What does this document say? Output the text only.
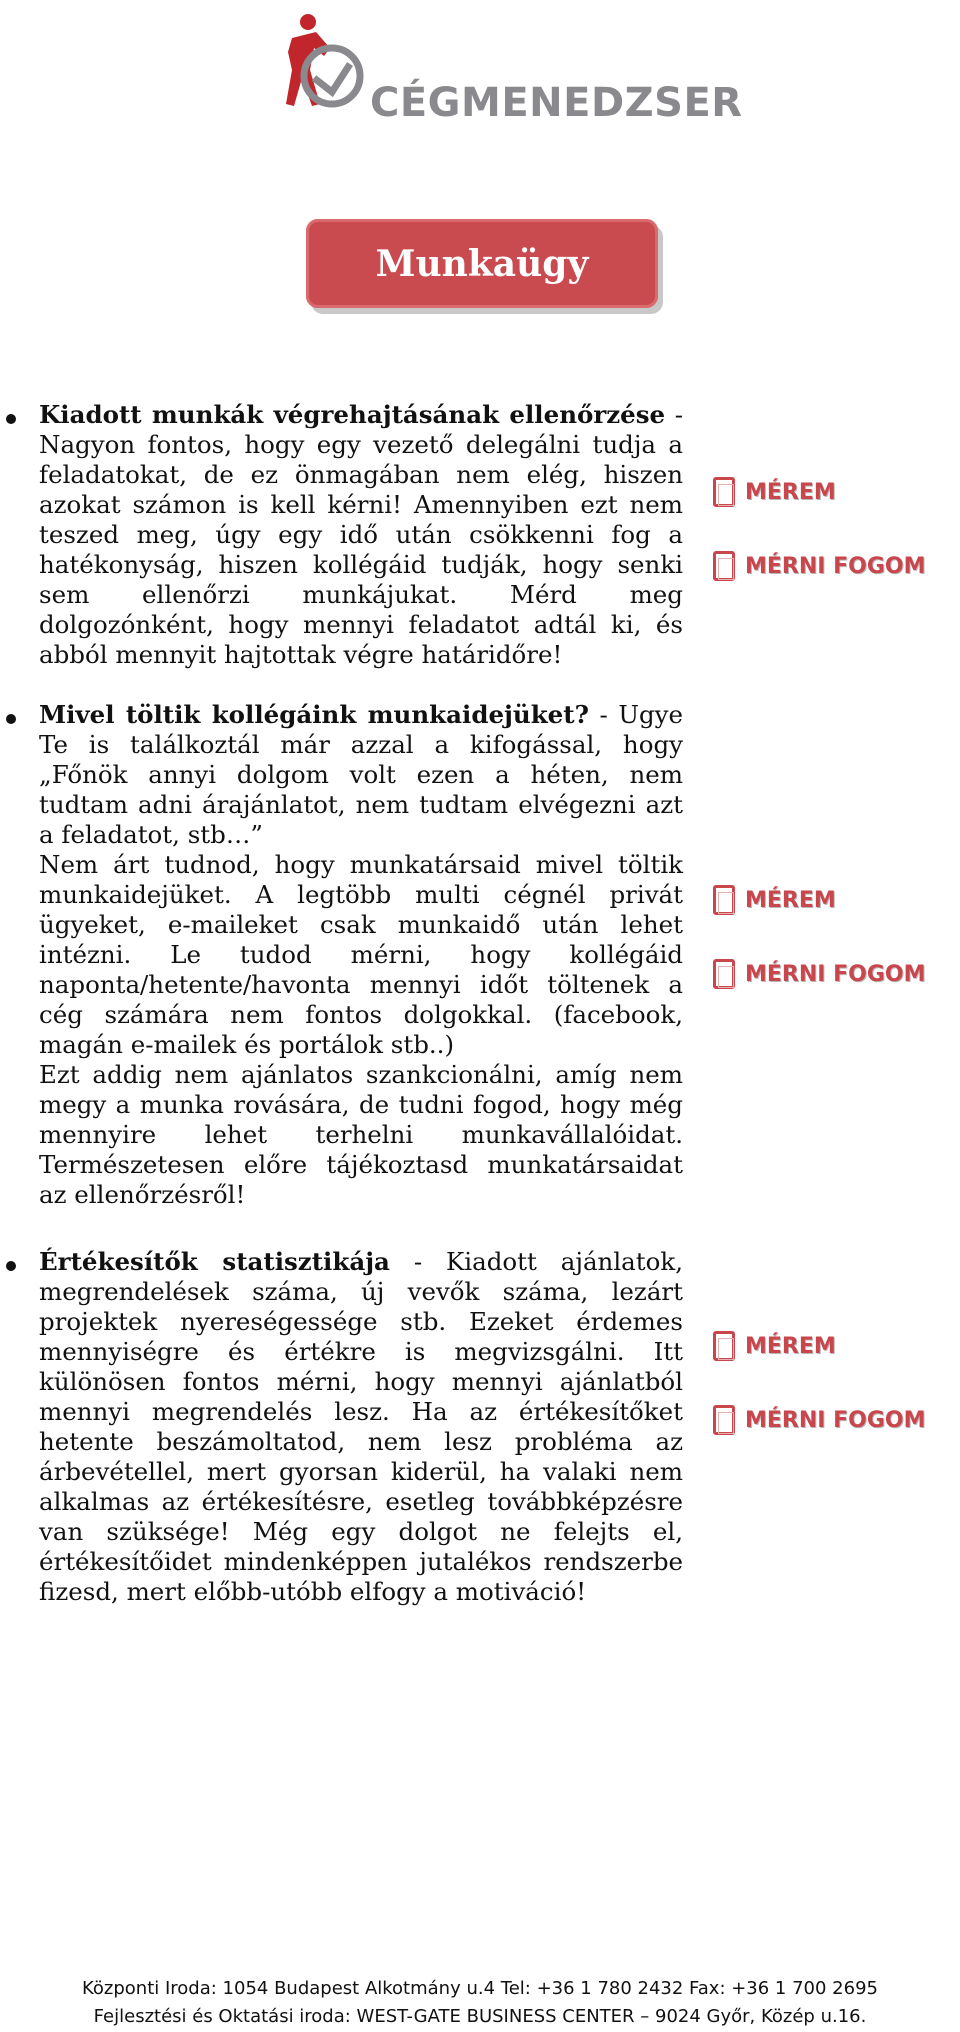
CÉGMENEDZSER
Munkaügy

Kiadott munkák végrehajtásának ellenőrzése - Nagyon fontos, hogy egy vezető delegálni tudja a feladatokat, de ez önmagában nem elég, hiszen azokat számon is kell kérni! Amennyiben ezt nem teszed meg, úgy egy idő után csökkenni fog a hatékonyság, hiszen kollégáid tudják, hogy senki sem ellenőrzi munkájukat. Mérd meg dolgozónként, hogy mennyi feladatot adtál ki, és abból mennyit hajtottak végre határidőre!

MÉREM
MÉRNI FOGOM

Mivel töltik kollégáink munkaidejüket? - Ugye Te is találkoztál már azzal a kifogással, hogy „Főnök annyi dolgom volt ezen a héten, nem tudtam adni árajánlatot, nem tudtam elvégezni azt a feladatot, stb…”

Nem árt tudnod, hogy munkatársaid mivel töltik munkaidejüket. A legtöbb multi cégnél privát ügyeket, e-maileket csak munkaidő után lehet intézni. Le tudod mérni, hogy kollégáid naponta/hetente/havonta mennyi időt töltenek a cég számára nem fontos dolgokkal. (facebook, magán e-mailek és portálok stb..)

Ezt addig nem ajánlatos szankcionálni, amíg nem megy a munka rovására, de tudni fogod, hogy még mennyire lehet terhelni munkavállalóidat. Természetesen előre tájékoztasd munkatársaidat az ellenőrzésről!

MÉREM
MÉRNI FOGOM

Értékesítők statisztikája - Kiadott ajánlatok, megrendelések száma, új vevők száma, lezárt projektek nyereségessége stb. Ezeket érdemes mennyiségre és értékre is megvizsgálni. Itt különösen fontos mérni, hogy mennyi ajánlatból mennyi megrendelés lesz. Ha az értékesítőket hetente beszámoltatod, nem lesz probléma az árbevétellel, mert gyorsan kiderül, ha valaki nem alkalmas az értékesítésre, esetleg továbbképzésre van szüksége! Még egy dolgot ne felejts el, értékesítőidet mindenképpen jutalékos rendszerbe fizesd, mert előbb-utóbb elfogy a motiváció!

MÉREM
MÉRNI FOGOM
Központi Iroda: 1054 Budapest Alkotmány u.4 Tel: +36 1 780 2432 Fax: +36 1 700 2695
Fejlesztési és Oktatási iroda: WEST-GATE BUSINESS CENTER – 9024 Győr, Közép u.16.
